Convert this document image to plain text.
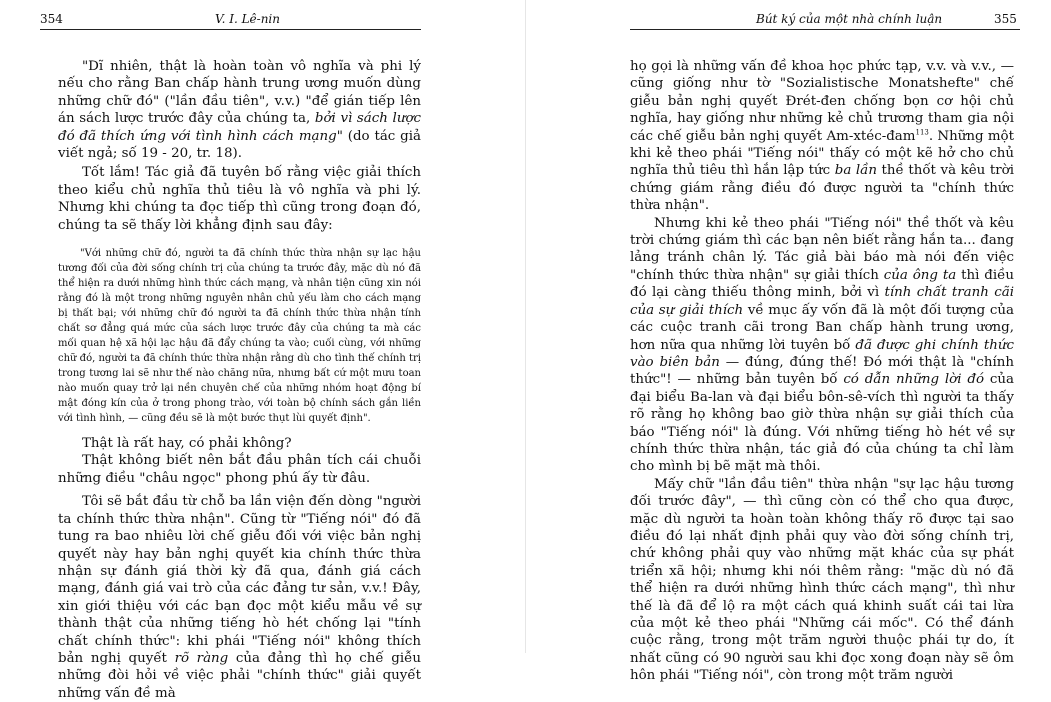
354	V. I. Lê-nin

"Dĩ nhiên, thật là hoàn toàn vô nghĩa và phi lý nếu cho rằng Ban chấp hành trung ương muốn dùng những chữ đó" ("lần đầu tiên", v.v.) "để gián tiếp lên án sách lược trước đây của chúng ta, bởi vì sách lược đó đã thích ứng với tình hình cách mạng" (do tác giả viết ngả; số 19 - 20, tr. 18).

Tốt lắm! Tác giả đã tuyên bố rằng việc giải thích theo kiểu chủ nghĩa thủ tiêu là vô nghĩa và phi lý. Nhưng khi chúng ta đọc tiếp thì cũng trong đoạn đó, chúng ta sẽ thấy lời khẳng định sau đây:

"Với những chữ đó, người ta đã chính thức thừa nhận sự lạc hậu tương đối của đời sống chính trị của chúng ta trước đây, mặc dù nó đã thể hiện ra dưới những hình thức cách mạng, và nhân tiện cũng xin nói rằng đó là một trong những nguyên nhân chủ yếu làm cho cách mạng bị thất bại; với những chữ đó người ta đã chính thức thừa nhận tính chất sơ đẳng quá mức của sách lược trước đây của chúng ta mà các mối quan hệ xã hội lạc hậu đã đẩy chúng ta vào; cuối cùng, với những chữ đó, người ta đã chính thức thừa nhận rằng dù cho tình thế chính trị trong tương lai sẽ như thế nào chăng nữa, nhưng bất cứ một mưu toan nào muốn quay trở lại nền chuyên chế của những nhóm hoạt động bí mật đóng kín của ở trong phong trào, với toàn bộ chính sách gắn liền với tình hình, — cũng đều sẽ là một bước thụt lùi quyết định".

Thật là rất hay, có phải không?

Thật không biết nên bắt đầu phân tích cái chuỗi những điều "châu ngọc" phong phú ấy từ đâu.

Tôi sẽ bắt đầu từ chỗ ba lần viện đến dòng "người ta chính thức thừa nhận". Cũng từ "Tiếng nói" đó đã tung ra bao nhiêu lời chế giễu đối với việc bản nghị quyết này hay bản nghị quyết kia chính thức thừa nhận sự đánh giá thời kỳ đã qua, đánh giá cách mạng, đánh giá vai trò của các đảng tư sản, v.v.! Đây, xin giới thiệu với các bạn đọc một kiểu mẫu về sự thành thật của những tiếng hò hét chống lại "tính chất chính thức": khi phái "Tiếng nói" không thích bản nghị quyết rõ ràng của đảng thì họ chế giễu những đòi hỏi về việc phải "chính thức" giải quyết những vấn đề mà

Bút ký của một nhà chính luận	355

họ gọi là những vấn đề khoa học phức tạp, v.v. và v.v., — cũng giống như tờ "Sozialistische Monatshefte" chế giễu bản nghị quyết Đrét-đen chống bọn cơ hội chủ nghĩa, hay giống như những kẻ chủ trương tham gia nội các chế giễu bản nghị quyết Am-xtéc-đam$^{113}$. Những một khi kẻ theo phái "Tiếng nói" thấy có một kẽ hở cho chủ nghĩa thủ tiêu thì hắn lập tức ba lần thề thốt và kêu trời chứng giám rằng điều đó được người ta "chính thức thừa nhận".

Nhưng khi kẻ theo phái "Tiếng nói" thề thốt và kêu trời chứng giám thì các bạn nên biết rằng hắn ta... đang lảng tránh chân lý. Tác giả bài báo mà nói đến việc "chính thức thừa nhận" sự giải thích của ông ta thì điều đó lại càng thiếu thông minh, bởi vì tính chất tranh cãi của sự giải thích về mục ấy vốn đã là một đối tượng của các cuộc tranh cãi trong Ban chấp hành trung ương, hơn nữa qua những lời tuyên bố đã được ghi chính thức vào biên bản — đúng, đúng thế! Đó mới thật là "chính thức"! — những bản tuyên bố có dẫn những lời đó của đại biểu Ba-lan và đại biểu bôn-sê-vích thì người ta thấy rõ rằng họ không bao giờ thừa nhận sự giải thích của báo "Tiếng nói" là đúng. Với những tiếng hò hét về sự chính thức thừa nhận, tác giả đó của chúng ta chỉ làm cho mình bị bẽ mặt mà thôi.

Mấy chữ "lần đầu tiên" thừa nhận "sự lạc hậu tương đối trước đây", — thì cũng còn có thể cho qua được, mặc dù người ta hoàn toàn không thấy rõ được tại sao điều đó lại nhất định phải quy vào đời sống chính trị, chứ không phải quy vào những mặt khác của sự phát triển xã hội; nhưng khi nói thêm rằng: "mặc dù nó đã thể hiện ra dưới những hình thức cách mạng", thì như thế là đã để lộ ra một cách quá khinh suất cái tai lừa của một kẻ theo phái "Những cái mốc". Có thể đánh cuộc rằng, trong một trăm người thuộc phái tự do, ít nhất cũng có 90 người sau khi đọc xong đoạn này sẽ ôm hôn phái "Tiếng nói", còn trong một trăm người
